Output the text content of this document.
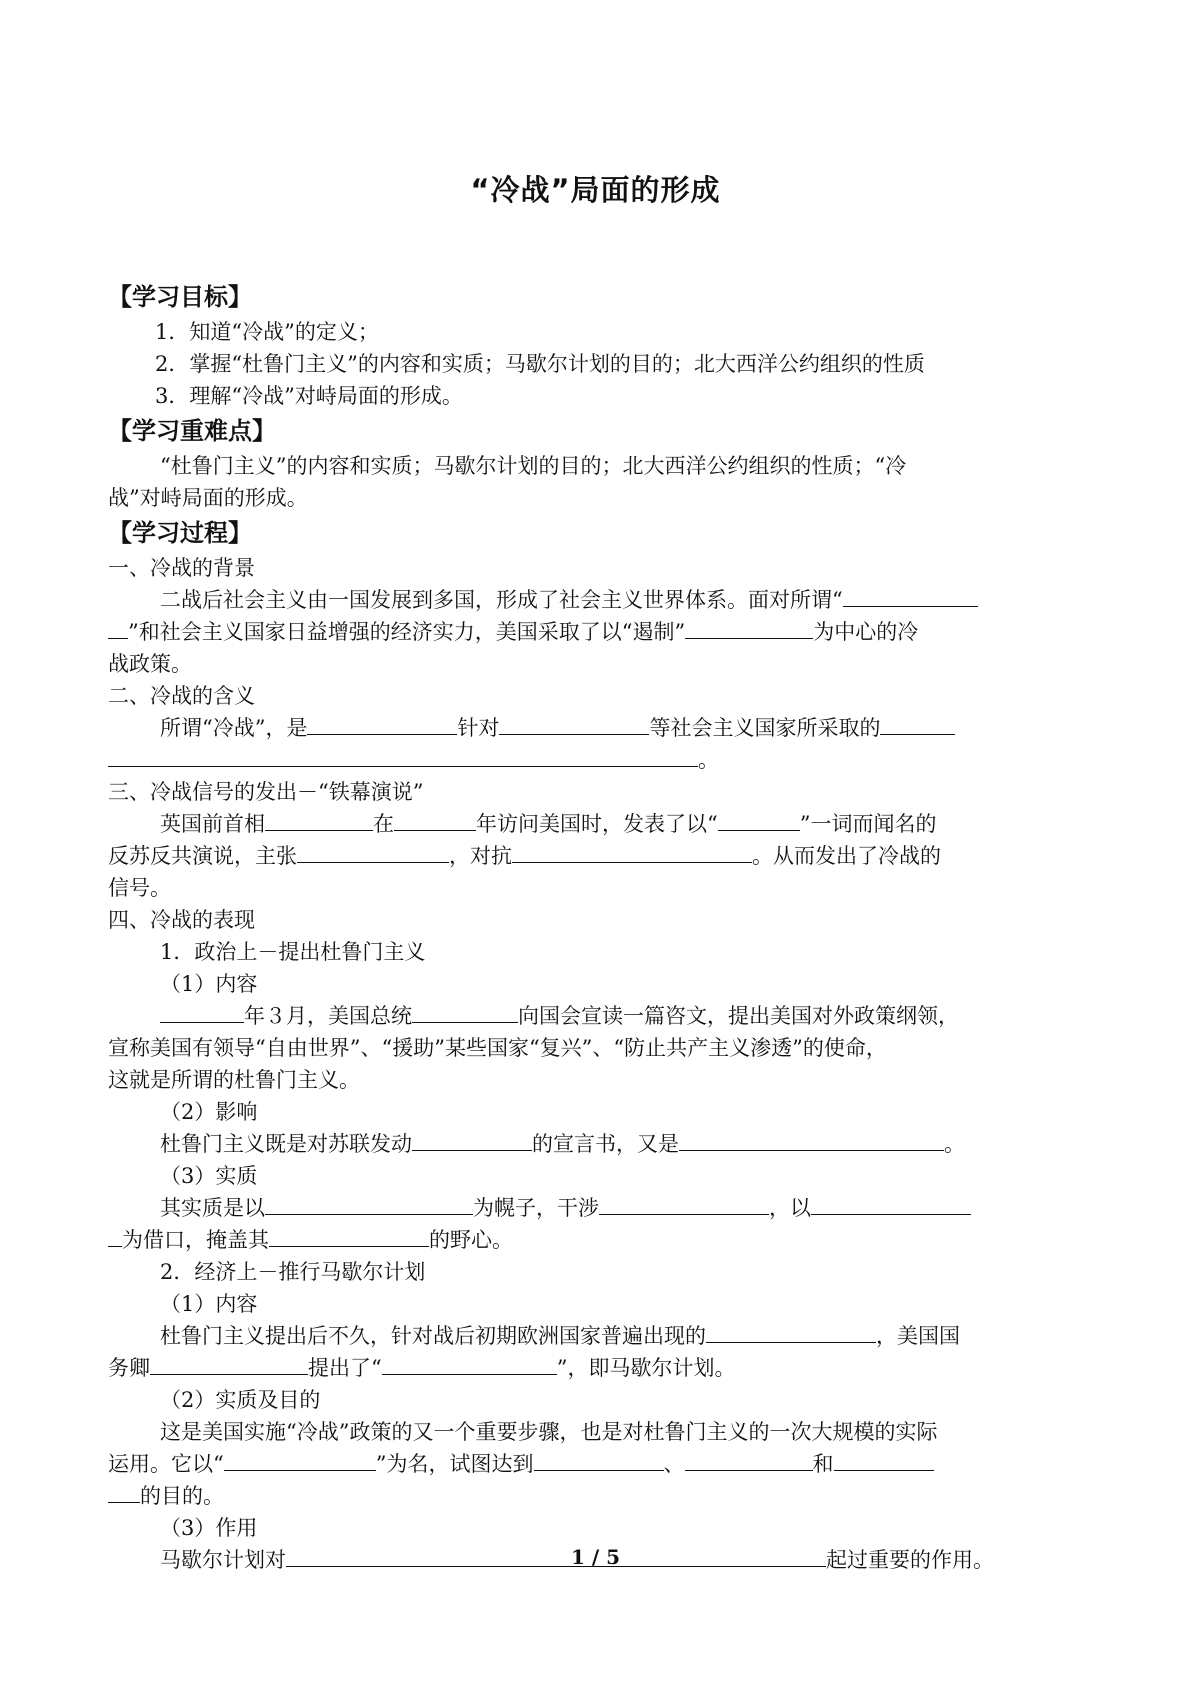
“冷战”局面的形成
【学习目标】
1．知道“冷战”的定义；
2．掌握“杜鲁门主义”的内容和实质；马歇尔计划的目的；北大西洋公约组织的性质
3．理解“冷战”对峙局面的形成。
【学习重难点】
“杜鲁门主义”的内容和实质；马歇尔计划的目的；北大西洋公约组织的性质；“冷
战”对峙局面的形成。
【学习过程】
一、冷战的背景
二战后社会主义由一国发展到多国，形成了社会主义世界体系。面对所谓“
”和社会主义国家日益增强的经济实力，美国采取了以“遏制”	为中心的冷
战政策。
二、冷战的含义
所谓“冷战”，是	针对	等社会主义国家所采取的
。
三、冷战信号的发出－“铁幕演说”
英国前首相	在	年访问美国时，发表了以“	”一词而闻名的
反苏反共演说，主张	，对抗	。从而发出了冷战的
信号。
四、冷战的表现
1．政治上－提出杜鲁门主义
（1）内容
年３月，美国总统	向国会宣读一篇咨文，提出美国对外政策纲领，
宣称美国有领导“自由世界”、“援助”某些国家“复兴”、“防止共产主义渗透”的使命，
这就是所谓的杜鲁门主义。
（2）影响
杜鲁门主义既是对苏联发动	的宣言书，又是	。
（3）实质
其实质是以	为幌子，干涉	，以
为借口，掩盖其	的野心。
2．经济上－推行马歇尔计划
（1）内容
杜鲁门主义提出后不久，针对战后初期欧洲国家普遍出现的	，美国国
务卿	提出了“	”，即马歇尔计划。
（2）实质及目的
这是美国实施“冷战”政策的又一个重要步骤，也是对杜鲁门主义的一次大规模的实际
运用。它以“	”为名，试图达到	、	和
的目的。
（3）作用
马歇尔计划对	起过重要的作用。
1 / 5
